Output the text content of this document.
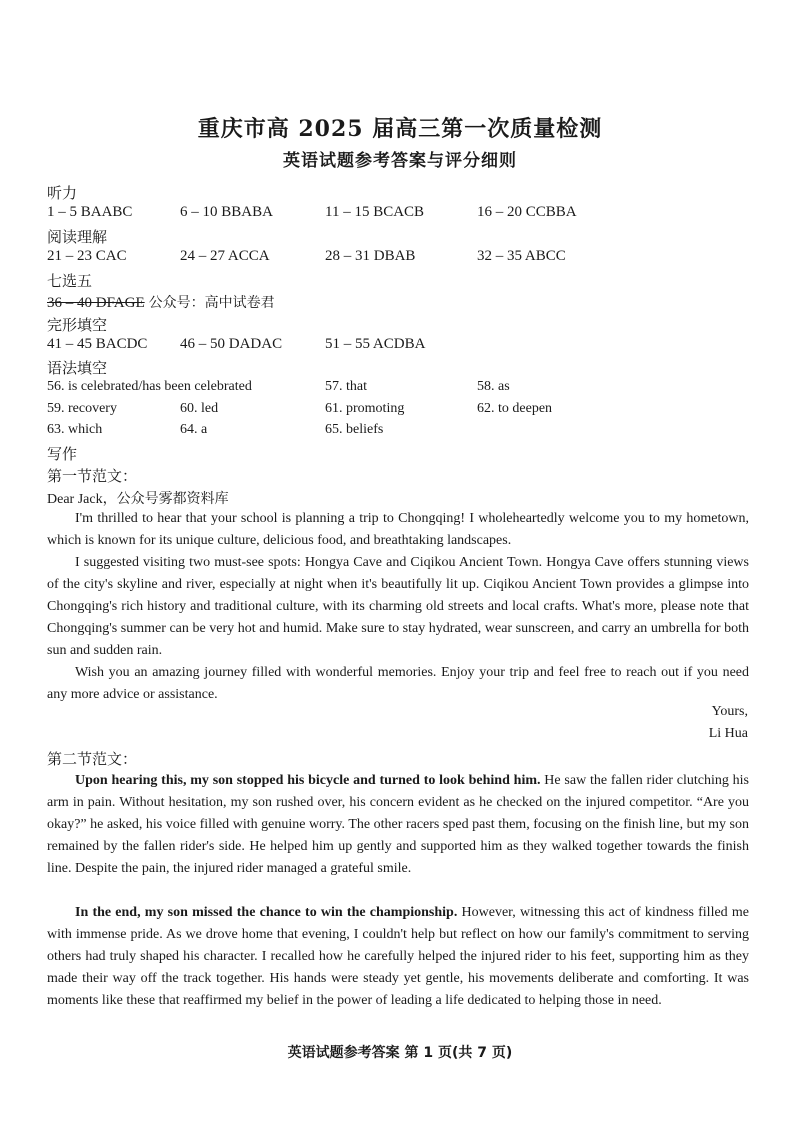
重庆市高 2025 届高三第一次质量检测
英语试题参考答案与评分细则
听力
1 – 5 BAABC	6 – 10 BBABA	11 – 15 BCACB	16 – 20 CCBBA
阅读理解
21 – 23 CAC	24 – 27 ACCA	28 – 31 DBAB	32 – 35 ABCC
七选五
36 – 40 DFAGE 公众号：高中试卷君
完形填空
41 – 45 BACDC 46 – 50 DADAC	51 – 55 ACDBA
语法填空
56. is celebrated/has been celebrated	57. that	58. as
59. recovery	60. led	61. promoting	62. to deepen
63. which	64. a	65. beliefs
写作
第一节范文：
Dear Jack，公众号雾都资料库

I'm thrilled to hear that your school is planning a trip to Chongqing! I wholeheartedly welcome you to my hometown, which is known for its unique culture, delicious food, and breathtaking landscapes.

I suggested visiting two must-see spots: Hongya Cave and Ciqikou Ancient Town. Hongya Cave offers stunning views of the city's skyline and river, especially at night when it's beautifully lit up. Ciqikou Ancient Town provides a glimpse into Chongqing's rich history and traditional culture, with its charming old streets and local crafts. What's more, please note that Chongqing's summer can be very hot and humid. Make sure to stay hydrated, wear sunscreen, and carry an umbrella for both sun and sudden rain.

Wish you an amazing journey filled with wonderful memories. Enjoy your trip and feel free to reach out if you need any more advice or assistance.

Yours,
Li Hua
第二节范文：

Upon hearing this, my son stopped his bicycle and turned to look behind him. He saw the fallen rider clutching his arm in pain. Without hesitation, my son rushed over, his concern evident as he checked on the injured competitor. “Are you okay?” he asked, his voice filled with genuine worry. The other racers sped past them, focusing on the finish line, but my son remained by the fallen rider's side. He helped him up gently and supported him as they walked together towards the finish line. Despite the pain, the injured rider managed a grateful smile.

In the end, my son missed the chance to win the championship. However, witnessing this act of kindness filled me with immense pride. As we drove home that evening, I couldn't help but reflect on how our family's commitment to serving others had truly shaped his character. I recalled how he carefully helped the injured rider to his feet, supporting him as they made their way off the track together. His hands were steady yet gentle, his movements deliberate and comforting. It was moments like these that reaffirmed my belief in the power of leading a life dedicated to helping those in need.

英语试题参考答案 第 1 页(共 7 页)
